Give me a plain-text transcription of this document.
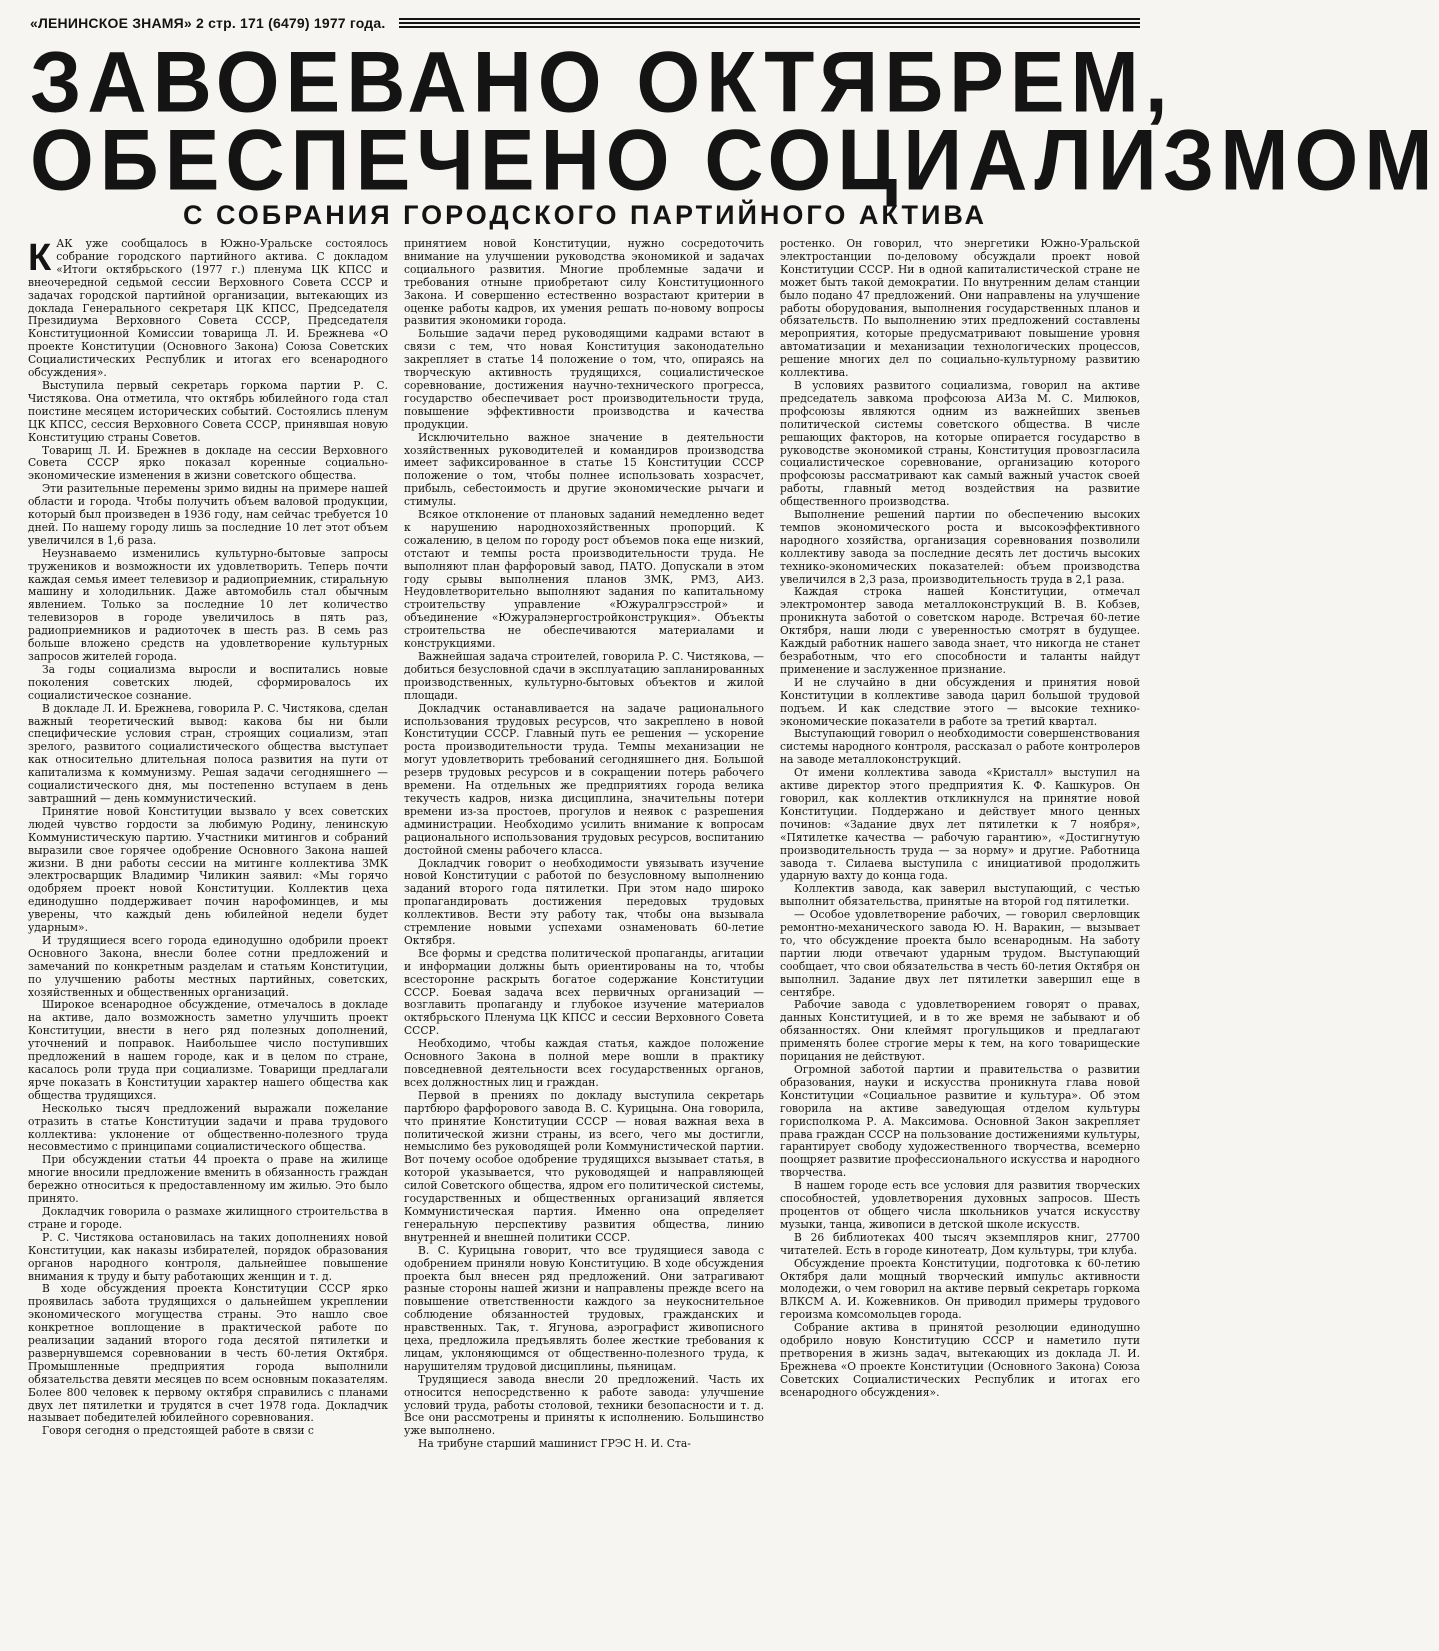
«ЛЕНИНСКОЕ ЗНАМЯ» 2 стр. 171 (6479) 1977 года.
ЗАВОЕВАНО ОКТЯБРЕМ,
ОБЕСПЕЧЕНО СОЦИАЛИЗМОМ
С СОБРАНИЯ ГОРОДСКОГО ПАРТИЙНОГО АКТИВА

КАК уже сообщалось в Южно-Уральске состоялось собрание городского партийного актива. С докладом «Итоги октябрьского (1977 г.) пленума ЦК КПСС и внеочередной седьмой сессии Верховного Совета СССР и задачах городской партийной организации, вытекающих из доклада Генерального секретаря ЦК КПСС, Председателя Президиума Верховного Совета СССР, Председателя Конституционной Комиссии товарища Л. И. Брежнева «О проекте Конституции (Основного Закона) Союза Советских Социалистических Республик и итогах его всенародного обсуждения».

Выступила первый секретарь горкома партии Р. С. Чистякова. Она отметила, что октябрь юбилейного года стал поистине месяцем исторических событий. Состоялись пленум ЦК КПСС, сессия Верховного Совета СССР, принявшая новую Конституцию страны Советов.

Товарищ Л. И. Брежнев в докладе на сессии Верховного Совета СССР ярко показал коренные социально-экономические изменения в жизни советского общества.

Эти разительные перемены зримо видны на примере нашей области и города. Чтобы получить объем валовой продукции, который был произведен в 1936 году, нам сейчас требуется 10 дней. По нашему городу лишь за последние 10 лет этот объем увеличился в 1,6 раза.

Неузнаваемо изменились культурно-бытовые запросы тружеников и возможности их удовлетворить. Теперь почти каждая семья имеет телевизор и радиоприемник, стиральную машину и холодильник. Даже автомобиль стал обычным явлением. Только за последние 10 лет количество телевизоров в городе увеличилось в пять раз, радиоприемников и радиоточек в шесть раз. В семь раз больше вложено средств на удовлетворение культурных запросов жителей города.

За годы социализма выросли и воспитались новые поколения советских людей, сформировалось их социалистическое сознание.

В докладе Л. И. Брежнева, говорила Р. С. Чистякова, сделан важный теоретический вывод: какова бы ни были специфические условия стран, строящих социализм, этап зрелого, развитого социалистического общества выступает как относительно длительная полоса развития на пути от капитализма к коммунизму. Решая задачи сегодняшнего — социалистического дня, мы постепенно вступаем в день завтрашний — день коммунистический.

Принятие новой Конституции вызвало у всех советских людей чувство гордости за любимую Родину, ленинскую Коммунистическую партию. Участники митингов и собраний выразили свое горячее одобрение Основного Закона нашей жизни. В дни работы сессии на митинге коллектива ЗМК электросварщик Владимир Чиликин заявил: «Мы горячо одобряем проект новой Конституции. Коллектив цеха единодушно поддерживает почин нарофоминцев, и мы уверены, что каждый день юбилейной недели будет ударным».

И трудящиеся всего города единодушно одобрили проект Основного Закона, внесли более сотни предложений и замечаний по конкретным разделам и статьям Конституции, по улучшению работы местных партийных, советских, хозяйственных и общественных организаций.

Широкое всенародное обсуждение, отмечалось в докладе на активе, дало возможность заметно улучшить проект Конституции, внести в него ряд полезных дополнений, уточнений и поправок. Наибольшее число поступивших предложений в нашем городе, как и в целом по стране, касалось роли труда при социализме. Товарищи предлагали ярче показать в Конституции характер нашего общества как общества трудящихся.

Несколько тысяч предложений выражали пожелание отразить в статье Конституции задачи и права трудового коллектива: уклонение от общественно-полезного труда несовместимо с принципами социалистического общества.

При обсуждении статьи 44 проекта о праве на жилище многие вносили предложение вменить в обязанность граждан бережно относиться к предоставленному им жилью. Это было принято.

Докладчик говорила о размахе жилищного строительства в стране и городе.

Р. С. Чистякова остановилась на таких дополнениях новой Конституции, как наказы избирателей, порядок образования органов народного контроля, дальнейшее повышение внимания к труду и быту работающих женщин и т. д.

В ходе обсуждения проекта Конституции СССР ярко проявилась забота трудящихся о дальнейшем укреплении экономического могущества страны. Это нашло свое конкретное воплощение в практической работе по реализации заданий второго года десятой пятилетки и развернувшемся соревновании в честь 60-летия Октября. Промышленные предприятия города выполнили обязательства девяти месяцев по всем основным показателям. Более 800 человек к первому октября справились с планами двух лет пятилетки и трудятся в счет 1978 года. Докладчик называет победителей юбилейного соревнования.

Говоря сегодня о предстоящей работе в связи с

принятием новой Конституции, нужно сосредоточить внимание на улучшении руководства экономикой и задачах социального развития. Многие проблемные задачи и требования отныне приобретают силу Конституционного Закона. И совершенно естественно возрастают критерии в оценке работы кадров, их умения решать по-новому вопросы развития экономики города.

Большие задачи перед руководящими кадрами встают в связи с тем, что новая Конституция законодательно закрепляет в статье 14 положение о том, что, опираясь на творческую активность трудящихся, социалистическое соревнование, достижения научно-технического прогресса, государство обеспечивает рост производительности труда, повышение эффективности производства и качества продукции.

Исключительно важное значение в деятельности хозяйственных руководителей и командиров производства имеет зафиксированное в статье 15 Конституции СССР положение о том, чтобы полнее использовать хозрасчет, прибыль, себестоимость и другие экономические рычаги и стимулы.

Всякое отклонение от плановых заданий немедленно ведет к нарушению народнохозяйственных пропорций. К сожалению, в целом по городу рост объемов пока еще низкий, отстают и темпы роста производительности труда. Не выполняют план фарфоровый завод, ПАТО. Допускали в этом году срывы выполнения планов ЗМК, РМЗ, АИЗ. Неудовлетворительно выполняют задания по капитальному строительству управление «Южуралгрэсстрой» и объединение «Южуралэнергостройконструкция». Объекты строительства не обеспечиваются материалами и конструкциями.

Важнейшая задача строителей, говорила Р. С. Чистякова, — добиться безусловной сдачи в эксплуатацию запланированных производственных, культурно-бытовых объектов и жилой площади.

Докладчик останавливается на задаче рационального использования трудовых ресурсов, что закреплено в новой Конституции СССР. Главный путь ее решения — ускорение роста производительности труда. Темпы механизации не могут удовлетворить требований сегодняшнего дня. Большой резерв трудовых ресурсов и в сокращении потерь рабочего времени. На отдельных же предприятиях города велика текучесть кадров, низка дисциплина, значительны потери времени из-за простоев, прогулов и неявок с разрешения администрации. Необходимо усилить внимание к вопросам рационального использования трудовых ресурсов, воспитанию достойной смены рабочего класса.

Докладчик говорит о необходимости увязывать изучение новой Конституции с работой по безусловному выполнению заданий второго года пятилетки. При этом надо широко пропагандировать достижения передовых трудовых коллективов. Вести эту работу так, чтобы она вызывала стремление новыми успехами ознаменовать 60-летие Октября.

Все формы и средства политической пропаганды, агитации и информации должны быть ориентированы на то, чтобы всесторонне раскрыть богатое содержание Конституции СССР. Боевая задача всех первичных организаций — возглавить пропаганду и глубокое изучение материалов октябрьского Пленума ЦК КПСС и сессии Верховного Совета СССР.

Необходимо, чтобы каждая статья, каждое положение Основного Закона в полной мере вошли в практику повседневной деятельности всех государственных органов, всех должностных лиц и граждан.

Первой в прениях по докладу выступила секретарь партбюро фарфорового завода В. С. Курицына. Она говорила, что принятие Конституции СССР — новая важная веха в политической жизни страны, из всего, чего мы достигли, немыслимо без руководящей роли Коммунистической партии. Вот почему особое одобрение трудящихся вызывает статья, в которой указывается, что руководящей и направляющей силой Советского общества, ядром его политической системы, государственных и общественных организаций является Коммунистическая партия. Именно она определяет генеральную перспективу развития общества, линию внутренней и внешней политики СССР.

В. С. Курицына говорит, что все трудящиеся завода с одобрением приняли новую Конституцию. В ходе обсуждения проекта был внесен ряд предложений. Они затрагивают разные стороны нашей жизни и направлены прежде всего на повышение ответственности каждого за неукоснительное соблюдение обязанностей трудовых, гражданских и нравственных. Так, т. Ягунова, аэрографист живописного цеха, предложила предъявлять более жесткие требования к лицам, уклоняющимся от общественно-полезного труда, к нарушителям трудовой дисциплины, пьяницам.

Трудящиеся завода внесли 20 предложений. Часть их относится непосредственно к работе завода: улучшение условий труда, работы столовой, техники безопасности и т. д. Все они рассмотрены и приняты к исполнению. Большинство уже выполнено.

На трибуне старший машинист ГРЭС Н. И. Ста-

ростенко. Он говорил, что энергетики Южно-Уральской электростанции по-деловому обсуждали проект новой Конституции СССР. Ни в одной капиталистической стране не может быть такой демократии. По внутренним делам станции было подано 47 предложений. Они направлены на улучшение работы оборудования, выполнения государственных планов и обязательств. По выполнению этих предложений составлены мероприятия, которые предусматривают повышение уровня автоматизации и механизации технологических процессов, решение многих дел по социально-культурному развитию коллектива.

В условиях развитого социализма, говорил на активе председатель завкома профсоюза АИЗа М. С. Милюков, профсоюзы являются одним из важнейших звеньев политической системы советского общества. В числе решающих факторов, на которые опирается государство в руководстве экономикой страны, Конституция провозгласила социалистическое соревнование, организацию которого профсоюзы рассматривают как самый важный участок своей работы, главный метод воздействия на развитие общественного производства.

Выполнение решений партии по обеспечению высоких темпов экономического роста и высокоэффективного народного хозяйства, организация соревнования позволили коллективу завода за последние десять лет достичь высоких технико-экономических показателей: объем производства увеличился в 2,3 раза, производительность труда в 2,1 раза.

Каждая строка нашей Конституции, отмечал электромонтер завода металлоконструкций В. В. Кобзев, проникнута заботой о советском народе. Встречая 60-летие Октября, наши люди с уверенностью смотрят в будущее. Каждый работник нашего завода знает, что никогда не станет безработным, что его способности и таланты найдут применение и заслуженное признание.

И не случайно в дни обсуждения и принятия новой Конституции в коллективе завода царил большой трудовой подъем. И как следствие этого — высокие технико-экономические показатели в работе за третий квартал.

Выступающий говорил о необходимости совершенствования системы народного контроля, рассказал о работе контролеров на заводе металлоконструкций.

От имени коллектива завода «Кристалл» выступил на активе директор этого предприятия К. Ф. Кашкуров. Он говорил, как коллектив откликнулся на принятие новой Конституции. Поддержано и действует много ценных починов: «Задание двух лет пятилетки к 7 ноября», «Пятилетке качества — рабочую гарантию», «Достигнутую производительность труда — за норму» и другие. Работница завода т. Силаева выступила с инициативой продолжить ударную вахту до конца года.

Коллектив завода, как заверил выступающий, с честью выполнит обязательства, принятые на второй год пятилетки.

— Особое удовлетворение рабочих, — говорил сверловщик ремонтно-механического завода Ю. Н. Варакин, — вызывает то, что обсуждение проекта было всенародным. На заботу партии люди отвечают ударным трудом. Выступающий сообщает, что свои обязательства в честь 60-летия Октября он выполнил. Задание двух лет пятилетки завершил еще в сентябре.

Рабочие завода с удовлетворением говорят о правах, данных Конституцией, и в то же время не забывают и об обязанностях. Они клеймят прогульщиков и предлагают применять более строгие меры к тем, на кого товарищеские порицания не действуют.

Огромной заботой партии и правительства о развитии образования, науки и искусства проникнута глава новой Конституции «Социальное развитие и культура». Об этом говорила на активе заведующая отделом культуры горисполкома Р. А. Максимова. Основной Закон закрепляет права граждан СССР на пользование достижениями культуры, гарантирует свободу художественного творчества, всемерно поощряет развитие профессионального искусства и народного творчества.

В нашем городе есть все условия для развития творческих способностей, удовлетворения духовных запросов. Шесть процентов от общего числа школьников учатся искусству музыки, танца, живописи в детской школе искусств.

В 26 библиотеках 400 тысяч экземпляров книг, 27700 читателей. Есть в городе кинотеатр, Дом культуры, три клуба.

Обсуждение проекта Конституции, подготовка к 60-летию Октября дали мощный творческий импульс активности молодежи, о чем говорил на активе первый секретарь горкома ВЛКСМ А. И. Кожевников. Он приводил примеры трудового героизма комсомольцев города.

Собрание актива в принятой резолюции единодушно одобрило новую Конституцию СССР и наметило пути претворения в жизнь задач, вытекающих из доклада Л. И. Брежнева «О проекте Конституции (Основного Закона) Союза Советских Социалистических Республик и итогах его всенародного обсуждения».
